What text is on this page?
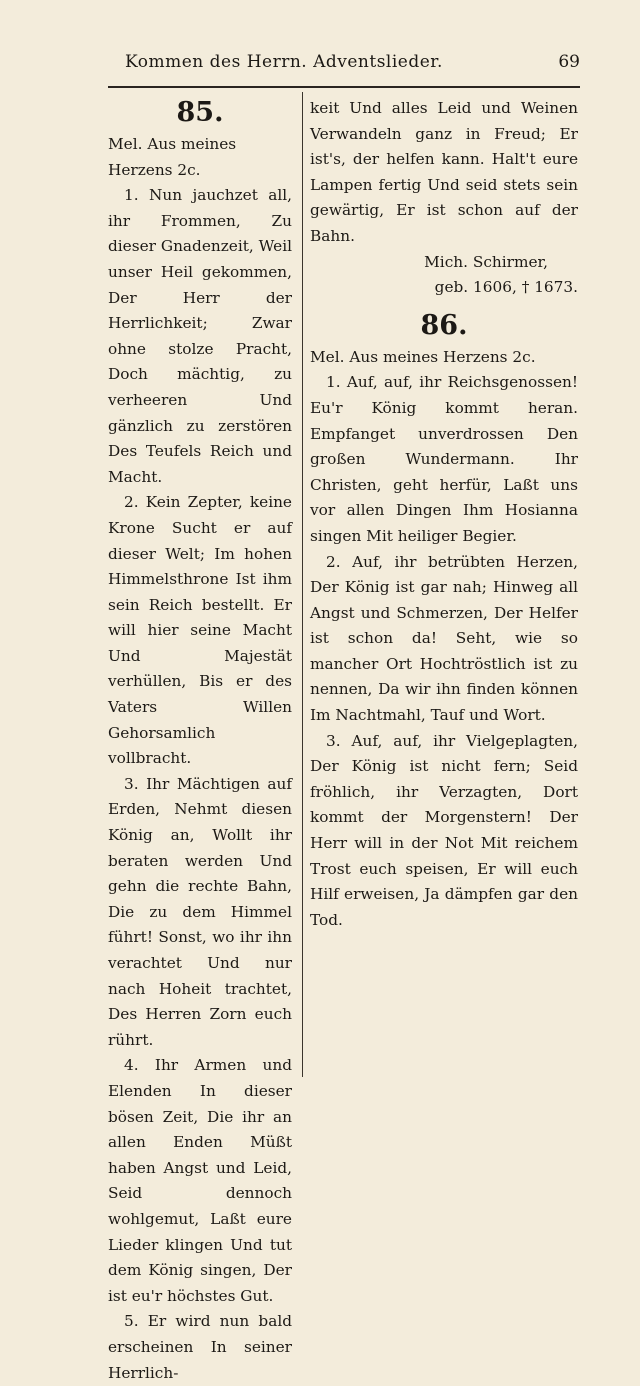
Kommen des Herrn. Adventslieder.	69
85.
Mel. Aus meines Herzens 2c.
1. Nun jauchzet all, ihr Frommen, Zu dieser Gnadenzeit, Weil unser Heil gekommen, Der Herr der Herrlichkeit; Zwar ohne stolze Pracht, Doch mächtig, zu verheeren Und gänzlich zu zerstören Des Teufels Reich und Macht.
2. Kein Zepter, keine Krone Sucht er auf dieser Welt; Im hohen Himmelsthrone Ist ihm sein Reich bestellt. Er will hier seine Macht Und Majestät verhüllen, Bis er des Vaters Willen Gehorsamlich vollbracht.
3. Ihr Mächtigen auf Erden, Nehmt diesen König an, Wollt ihr beraten werden Und gehn die rechte Bahn, Die zu dem Himmel führt! Sonst, wo ihr ihn verachtet Und nur nach Hoheit trachtet, Des Herren Zorn euch rührt.
4. Ihr Armen und Elenden In dieser bösen Zeit, Die ihr an allen Enden Müßt haben Angst und Leid, Seid dennoch wohlgemut, Laßt eure Lieder klingen Und tut dem König singen, Der ist eu'r höchstes Gut.
5. Er wird nun bald erscheinen In seiner Herrlich-
keit Und alles Leid und Weinen Verwandeln ganz in Freud; Er ist's, der helfen kann. Halt't eure Lampen fertig Und seid stets sein gewärtig, Er ist schon auf der Bahn.
Mich. Schirmer,
geb. 1606, † 1673.
86.
Mel. Aus meines Herzens 2c.
1. Auf, auf, ihr Reichsgenossen! Eu'r König kommt heran. Empfanget unverdrossen Den großen Wundermann. Ihr Christen, geht herfür, Laßt uns vor allen Dingen Ihm Hosianna singen Mit heiliger Begier.
2. Auf, ihr betrübten Herzen, Der König ist gar nah; Hinweg all Angst und Schmerzen, Der Helfer ist schon da! Seht, wie so mancher Ort Hochtröstlich ist zu nennen, Da wir ihn finden können Im Nachtmahl, Tauf und Wort.
3. Auf, auf, ihr Vielgeplagten, Der König ist nicht fern; Seid fröhlich, ihr Verzagten, Dort kommt der Morgenstern! Der Herr will in der Not Mit reichem Trost euch speisen, Er will euch Hilf erweisen, Ja dämpfen gar den Tod.
